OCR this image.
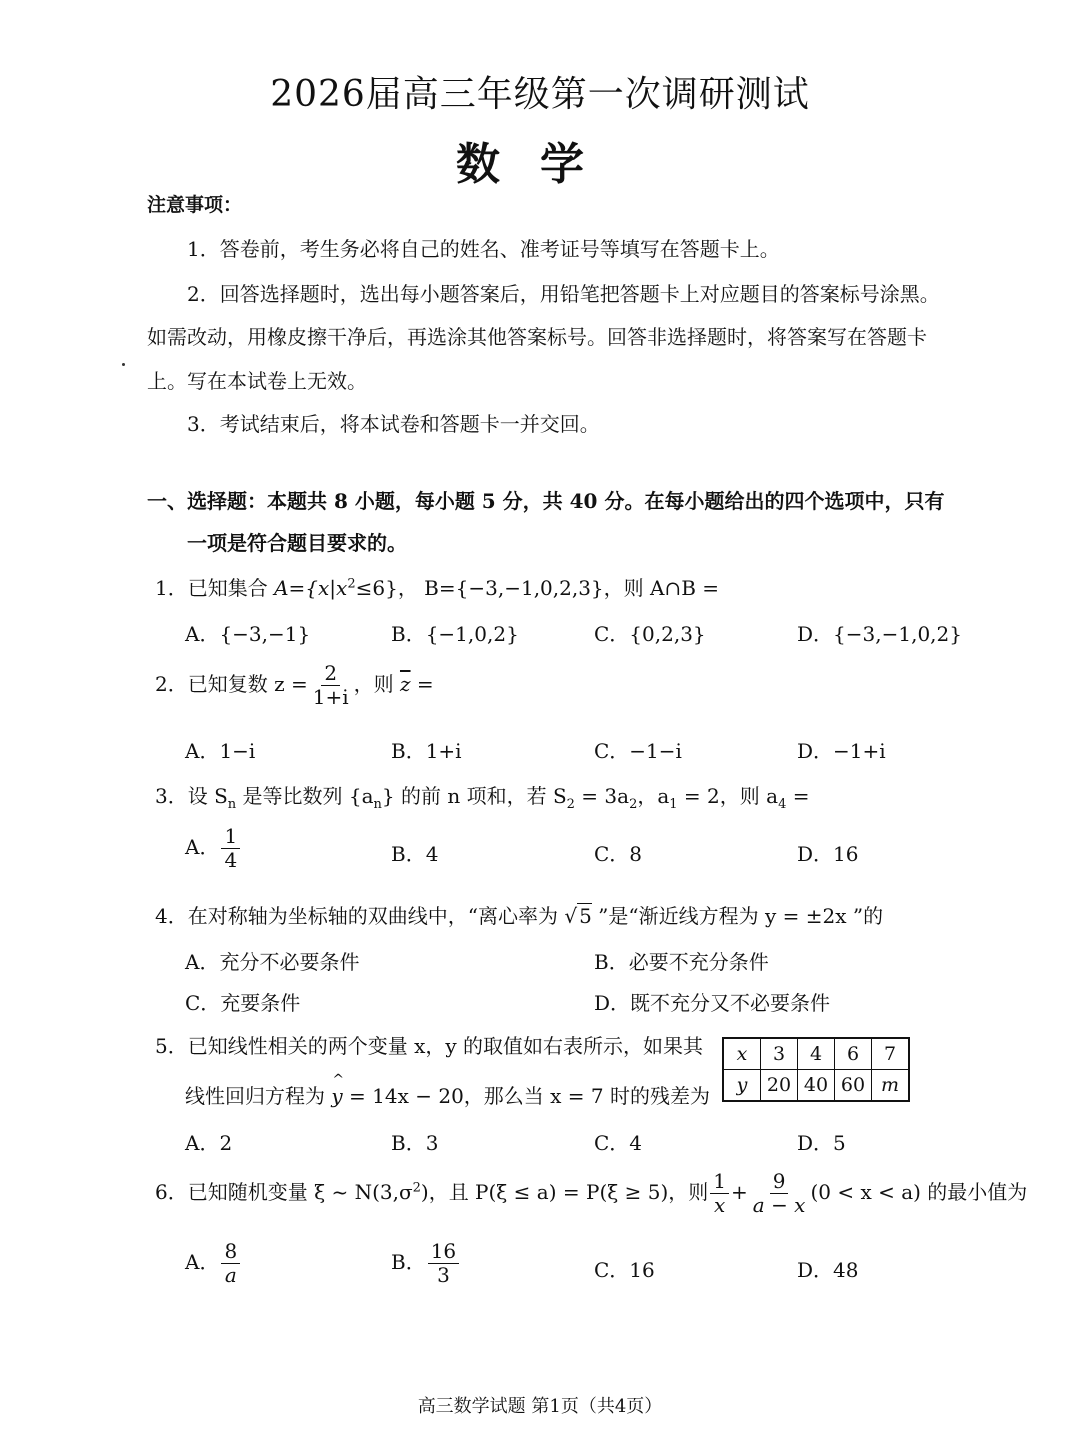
2026届高三年级第一次调研测试
数学
注意事项：
1．答卷前，考生务必将自己的姓名、准考证号等填写在答题卡上。
2．回答选择题时，选出每小题答案后，用铅笔把答题卡上对应题目的答案标号涂黑。
如需改动，用橡皮擦干净后，再选涂其他答案标号。回答非选择题时，将答案写在答题卡
上。写在本试卷上无效。
3．考试结束后，将本试卷和答题卡一并交回。
一、选择题：本题共 8 小题，每小题 5 分，共 40 分。在每小题给出的四个选项中，只有
一项是符合题目要求的。
1．已知集合 $A=\{x|x^2\le 6\}$， B={−3,−1,0,2,3}，则 A∩B =
A．{−3,−1}	B．{−1,0,2}	C．{0,2,3}	D．{−3,−1,0,2}
2．已知复数 $z = \frac{2}{1+i}$ ，则 $\overline{z}$ =
A．1−i	B．1+i	C．−1−i	D．−1+i
3．设 $S_n$ 是等比数列 $\{a_n\}$ 的前 n 项和，若 $S_2 = 3a_2$，$a_1 = 2$，则 $a_4$ =
A． $\frac{1}{4}$	B．4	C．8	D．16
4．在对称轴为坐标轴的双曲线中，“离心率为 √ 5 ”是“渐近线方程为 y = ±2x ”的
A．充分不必要条件	B．必要不充分条件
C．充要条件	D．既不充分又不必要条件
5．已知线性相关的两个变量 x，y 的取值如右表所示，如果其
线性回归方程为 ^ y = 14x − 20，那么当 x = 7 时的残差为
x	3	4	6	7
y	20	40	60	m
A．2	B．3	C．4	D．5
6．已知随机变量 ξ ~ $N(3,\sigma^2)$，且 P(ξ ≤ a) = P(ξ ≥ 5)，则 $\frac{1}{x} + \frac{9}{a - x} (0 < x < a)$ 的最小值为
A． $\frac{8}{a}$	B． $\frac{16}{3}$	C．16	D．48
高三数学试题 第1页（共4页）
